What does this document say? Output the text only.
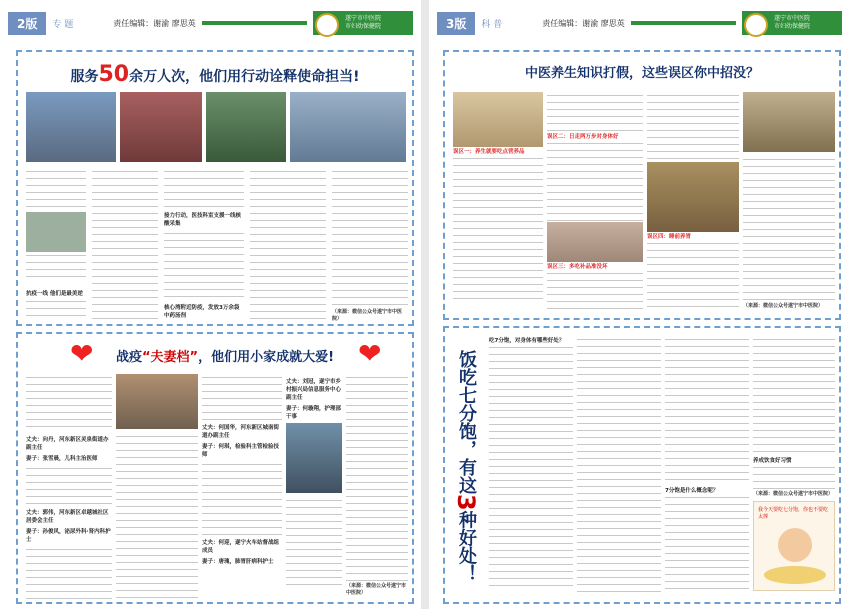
2版	专 题	责任编辑：谢渝 廖思英	遂宁市中医院
市妇幼保健院
服务50余万人次，他们用行动诠释使命担当!
抗疫一线 他们是最美逆
接力行动，医技科室支援一线核酸采集
核心湾附近防疫，发放3万余袋中药汤剂
（来源：微信公众号遂宁市中医院）
❤	❤
战疫“夫妻档”，他们用小家成就大爱!
丈夫：向丹，河东新区灵泉街道办副主任
妻子：张雪晨，儿科主治医师
丈夫：郭伟，河东新区卓越城社区居委会主任
妻子：孙俊风，泌尿外科·肾内科护士
丈夫：何国华，河东新区城南街道办副主任
妻子：何琪，检验科主管检验技师
丈夫：何迎，遂宁火车站督战组成员
妻子：唐瑰，肺胃肝病科护士
丈夫：刘冠，遂宁市乡村振兴局信息服务中心副主任
妻子：何璇翔，护理部干事
（来源：微信公众号遂宁市中医院）
3版	科 普	责任编辑：谢渝 廖思英	遂宁市中医院
市妇幼保健院
中医养生知识打假，这些误区你中招没？
误区一：养生就要吃点营养品
误区二：日走两万步对身体好
误区三：多吃补品准没坏
误区四：睡前养胃
（来源：微信公众号遂宁市中医院）
饭吃七分饱，有这3种好处！
吃7分饱，对身体有哪些好处？
7分饱是什么概念呢？
养成饮食好习惯
（来源：微信公众号遂宁市中医院）
我今天要吃七分饱，你也不要吃太撑
